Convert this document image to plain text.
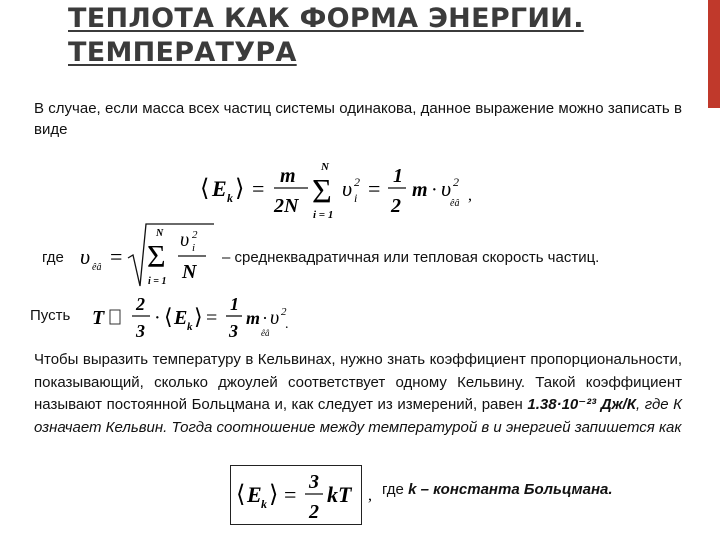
ТЕПЛОТА КАК ФОРМА ЭНЕРГИИ.
ТЕМПЕРАТУРА
В случае, если масса всех частиц системы одинакова, данное выражение можно записать в виде
⟨ E k ⟩ = m
2N
N
Σ
i = 1
υ 2
i = 1
2
m · υ 2
êâ ,
где υ êâ =
N
Σ
i = 1
υ 2
i
N
– среднеквадратичная или тепловая скорость частиц.
Пусть T
2
3
· ⟨ E k ⟩ =
1
3
m · υ 2
êâ
.
Чтобы выразить температуру в Кельвинах, нужно знать коэффициент пропорциональности, показывающий, сколько джоулей соответствует одному Кельвину. Такой коэффициент называют постоянной Больцмана и, как следует из измерений, равен 1.38·10⁻²³ Дж/К, где К означает Кельвин. Тогда соотношение между температурой в и энергией запишется как
⟨ E k ⟩ = 3
2
kT , где k – константа Больцмана.
